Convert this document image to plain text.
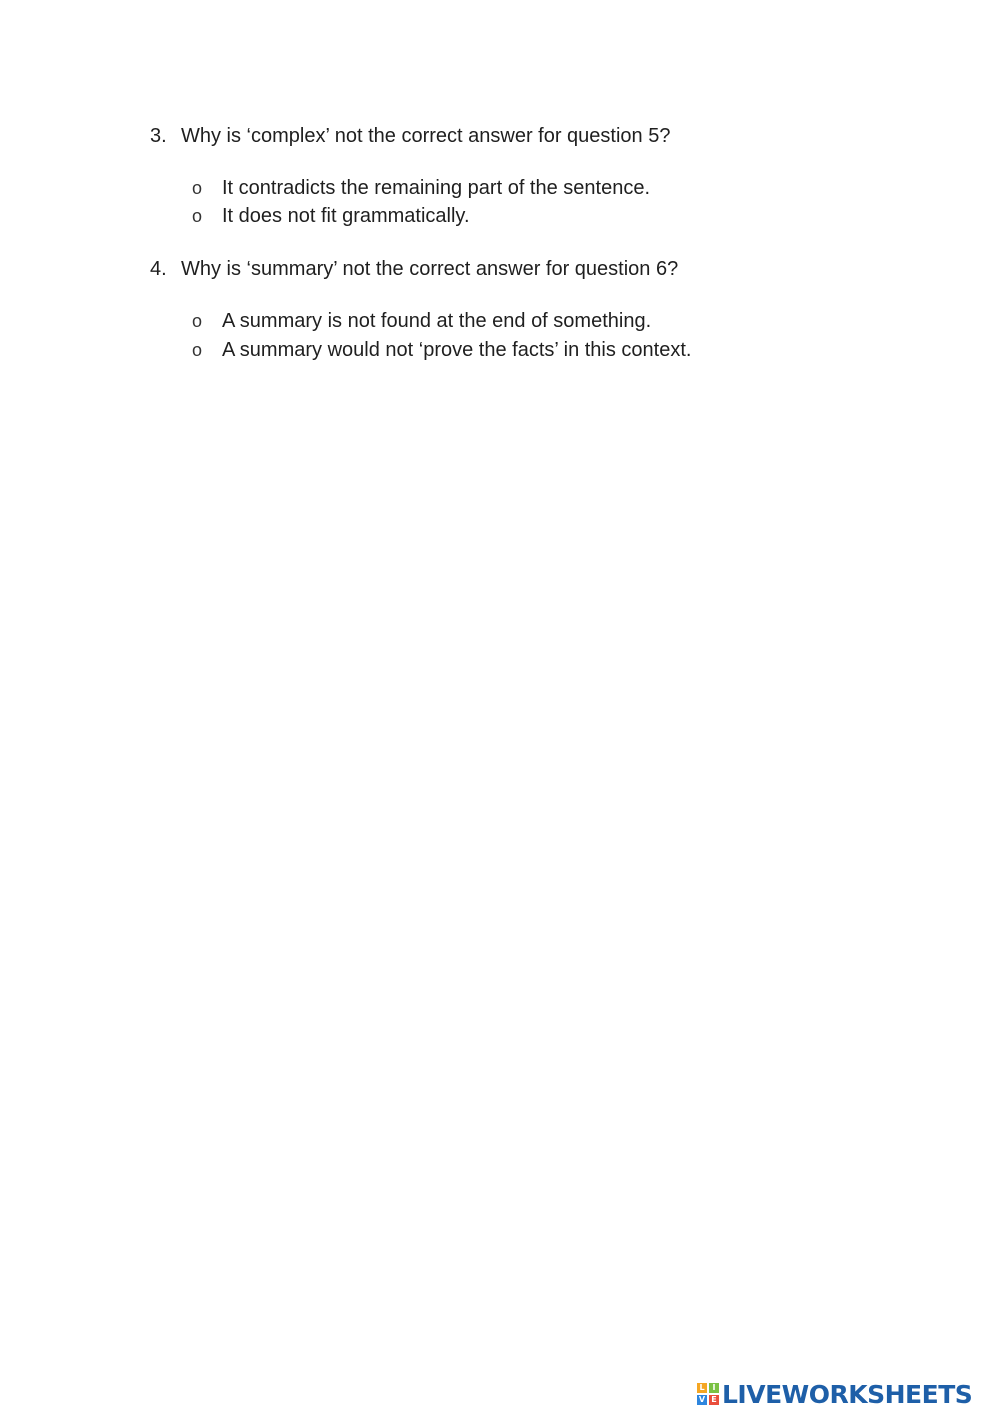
3. Why is ‘complex’ not the correct answer for question 5?
o It contradicts the remaining part of the sentence.
o It does not fit grammatically.
4. Why is ‘summary’ not the correct answer for question 6?
o A summary is not found at the end of something.
o A summary would not ‘prove the facts’ in this context.
L I
V E LIVEWORKSHEETS
